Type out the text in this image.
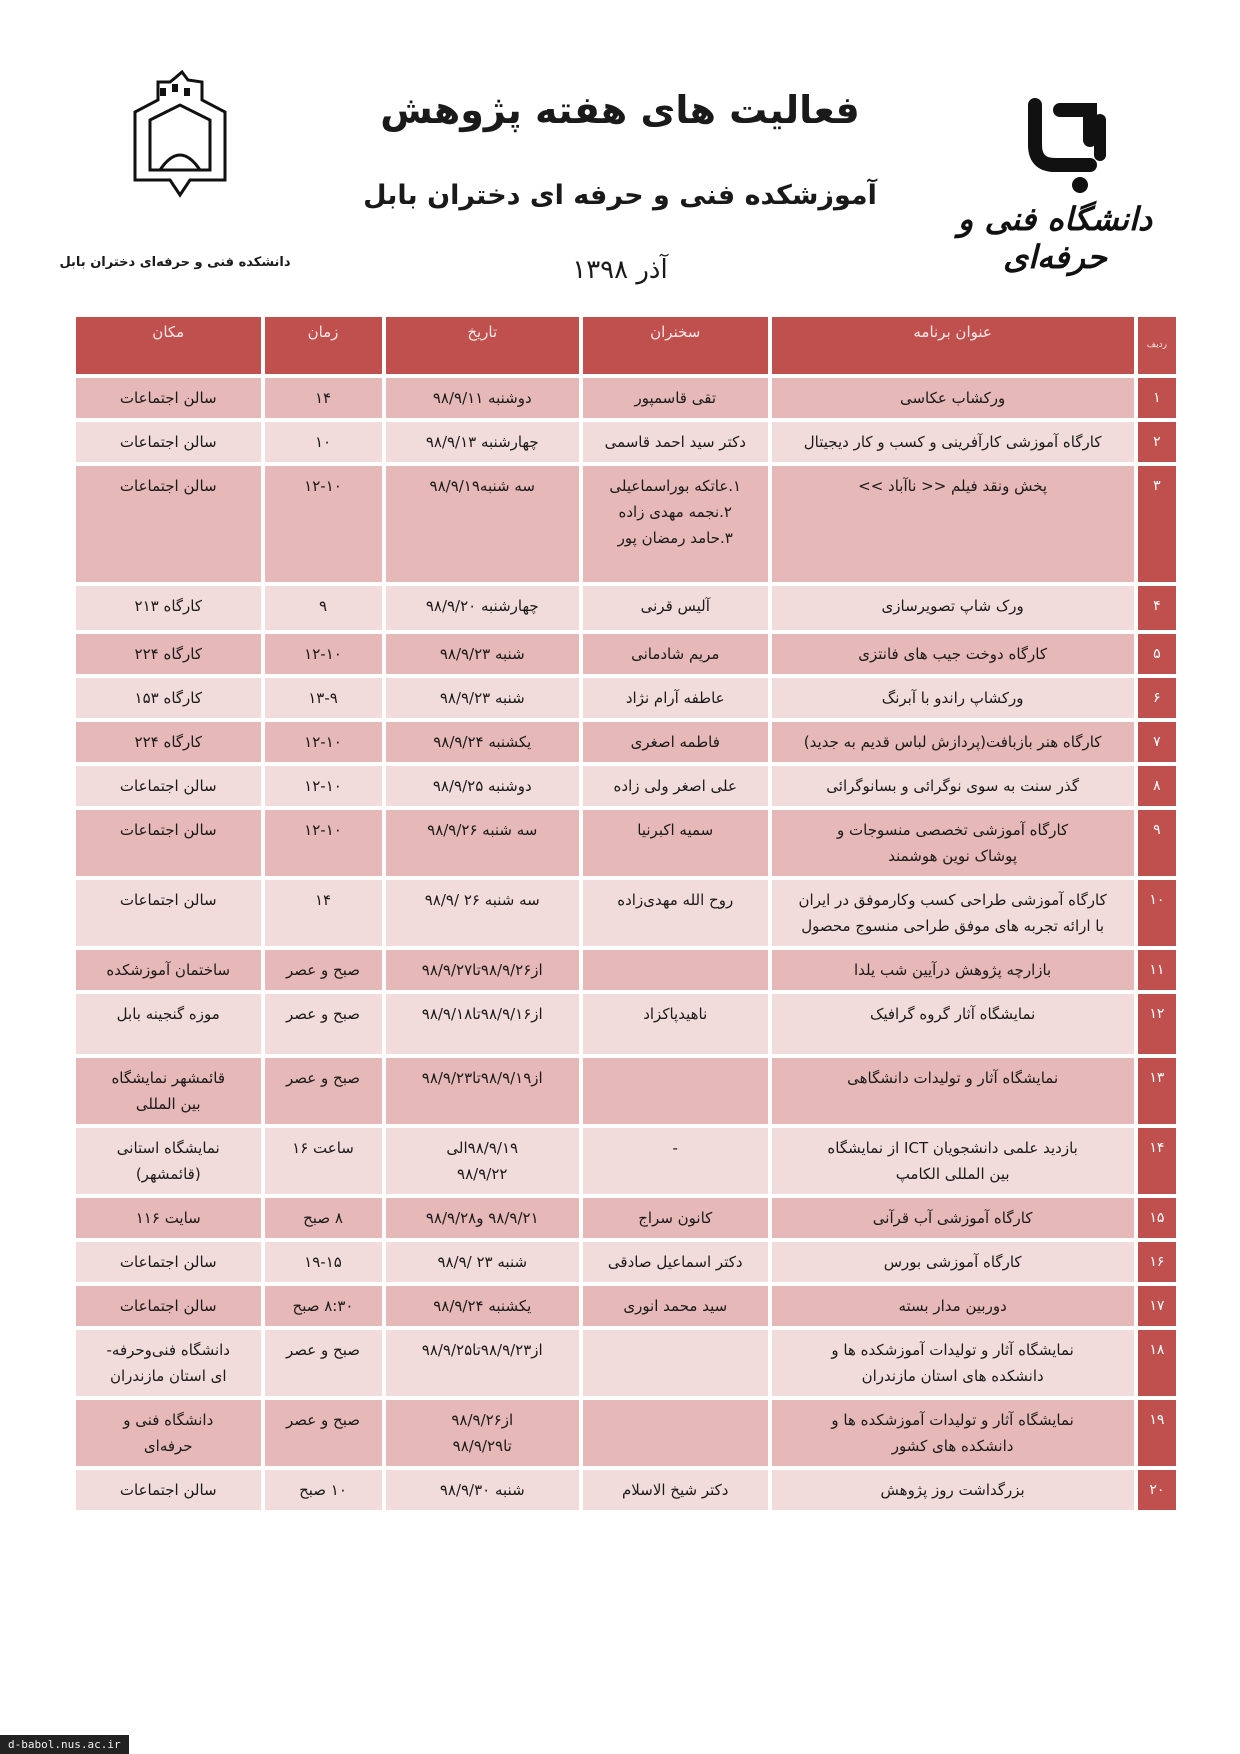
دانشکده فنی و حرفه‌ای دختران بابل
دانشگاه فنی و حرفه‌ای
فعالیت های هفته پژوهش
آموزشکده فنی و حرفه ای دختران بابل
آذر ۱۳۹۸
ردیف	عنوان برنامه	سخنران	تاریخ	زمان	مکان
۱	ورکشاب عکاسی	تقی قاسمپور	دوشنبه ۹۸/۹/۱۱	۱۴	سالن اجتماعات

۲	کارگاه آموزشی کارآفرینی و کسب و کار دیجیتال	دکتر سید احمد قاسمی	چهارشنبه ۹۸/۹/۱۳	۱۰	سالن اجتماعات

۳	پخش ونقد فیلم << ناآباد >>	۱.عاتکه بوراسماعیلی
۲.نجمه مهدی زاده
۳.حامد رمضان پور	سه شنبه۹۸/۹/۱۹	۱۲-۱۰	سالن اجتماعات

۴	ورک شاپ تصویرسازی	آلیس قرنی	چهارشنبه ۹۸/۹/۲۰	۹	کارگاه ۲۱۳

۵	کارگاه دوخت جیب های فانتزی	مریم شادمانی	شنبه ۹۸/۹/۲۳	۱۲-۱۰	کارگاه ۲۲۴

۶	ورکشاپ راندو با آبرنگ	عاطفه آرام نژاد	شنبه ۹۸/۹/۲۳	۱۳-۹	کارگاه ۱۵۳

۷	کارگاه هنر بازبافت(پردازش لباس قدیم به جدید)	فاطمه اصغری	یکشنبه ۹۸/۹/۲۴	۱۲-۱۰	کارگاه ۲۲۴

۸	گذر سنت به سوی نوگرائی و بسانوگرائی	علی اصغر ولی زاده	دوشنبه ۹۸/۹/۲۵	۱۲-۱۰	سالن اجتماعات

۹	کارگاه آموزشی تخصصی منسوجات و
پوشاک نوین هوشمند	سمیه اکبرنیا	سه شنبه ۹۸/۹/۲۶	۱۲-۱۰	سالن اجتماعات

۱۰	کارگاه آموزشی طراحی کسب وکارموفق در ایران
با ارائه تجربه های موفق طراحی منسوج محصول	روح الله مهدی‌زاده	سه شنبه ۲۶ /۹۸/۹	۱۴	سالن اجتماعات

۱۱	بازارچه پژوهش درآیین شب یلدا		از۹۸/۹/۲۶تا۹۸/۹/۲۷	صبح و عصر	ساختمان آموزشکده

۱۲	نمایشگاه آثار گروه گرافیک	ناهیدپاکزاد	از۹۸/۹/۱۶تا۹۸/۹/۱۸	صبح و عصر	موزه گنجینه بابل

۱۳	نمایشگاه آثار و تولیدات دانشگاهی		از۹۸/۹/۱۹تا۹۸/۹/۲۳	صبح و عصر	قائمشهر نمایشگاه
بین المللی

۱۴	بازدید علمی دانشجویان ICT از نمایشگاه
بین المللی الکامپ	-	۹۸/۹/۱۹الی
۹۸/۹/۲۲	ساعت ۱۶	نمایشگاه استانی
(قائمشهر)

۱۵	کارگاه آموزشی آب قرآنی	کانون سراج	۹۸/۹/۲۱ و۹۸/۹/۲۸	۸ صبح	سایت ۱۱۶

۱۶	کارگاه آموزشی بورس	دکتر اسماعیل صادقی	شنبه ۲۳ /۹۸/۹	۱۹-۱۵	سالن اجتماعات

۱۷	دوربین مدار بسته	سید محمد انوری	یکشنبه ۹۸/۹/۲۴	۸:۳۰ صبح	سالن اجتماعات

۱۸	نمایشگاه آثار و تولیدات آموزشکده ها و
دانشکده های استان مازندران		از۹۸/۹/۲۳تا۹۸/۹/۲۵	صبح و عصر	دانشگاه فنی‌وحرفه-
ای استان مازندران

۱۹	نمایشگاه آثار و تولیدات آموزشکده ها و
دانشکده های کشور		از۹۸/۹/۲۶
تا۹۸/۹/۲۹	صبح و عصر	دانشگاه فنی و
حرفه‌ای

۲۰	بزرگداشت روز پژوهش	دکتر شیخ الاسلام	شنبه ۹۸/۹/۳۰	۱۰ صبح	سالن اجتماعات
d-babol.nus.ac.ir
